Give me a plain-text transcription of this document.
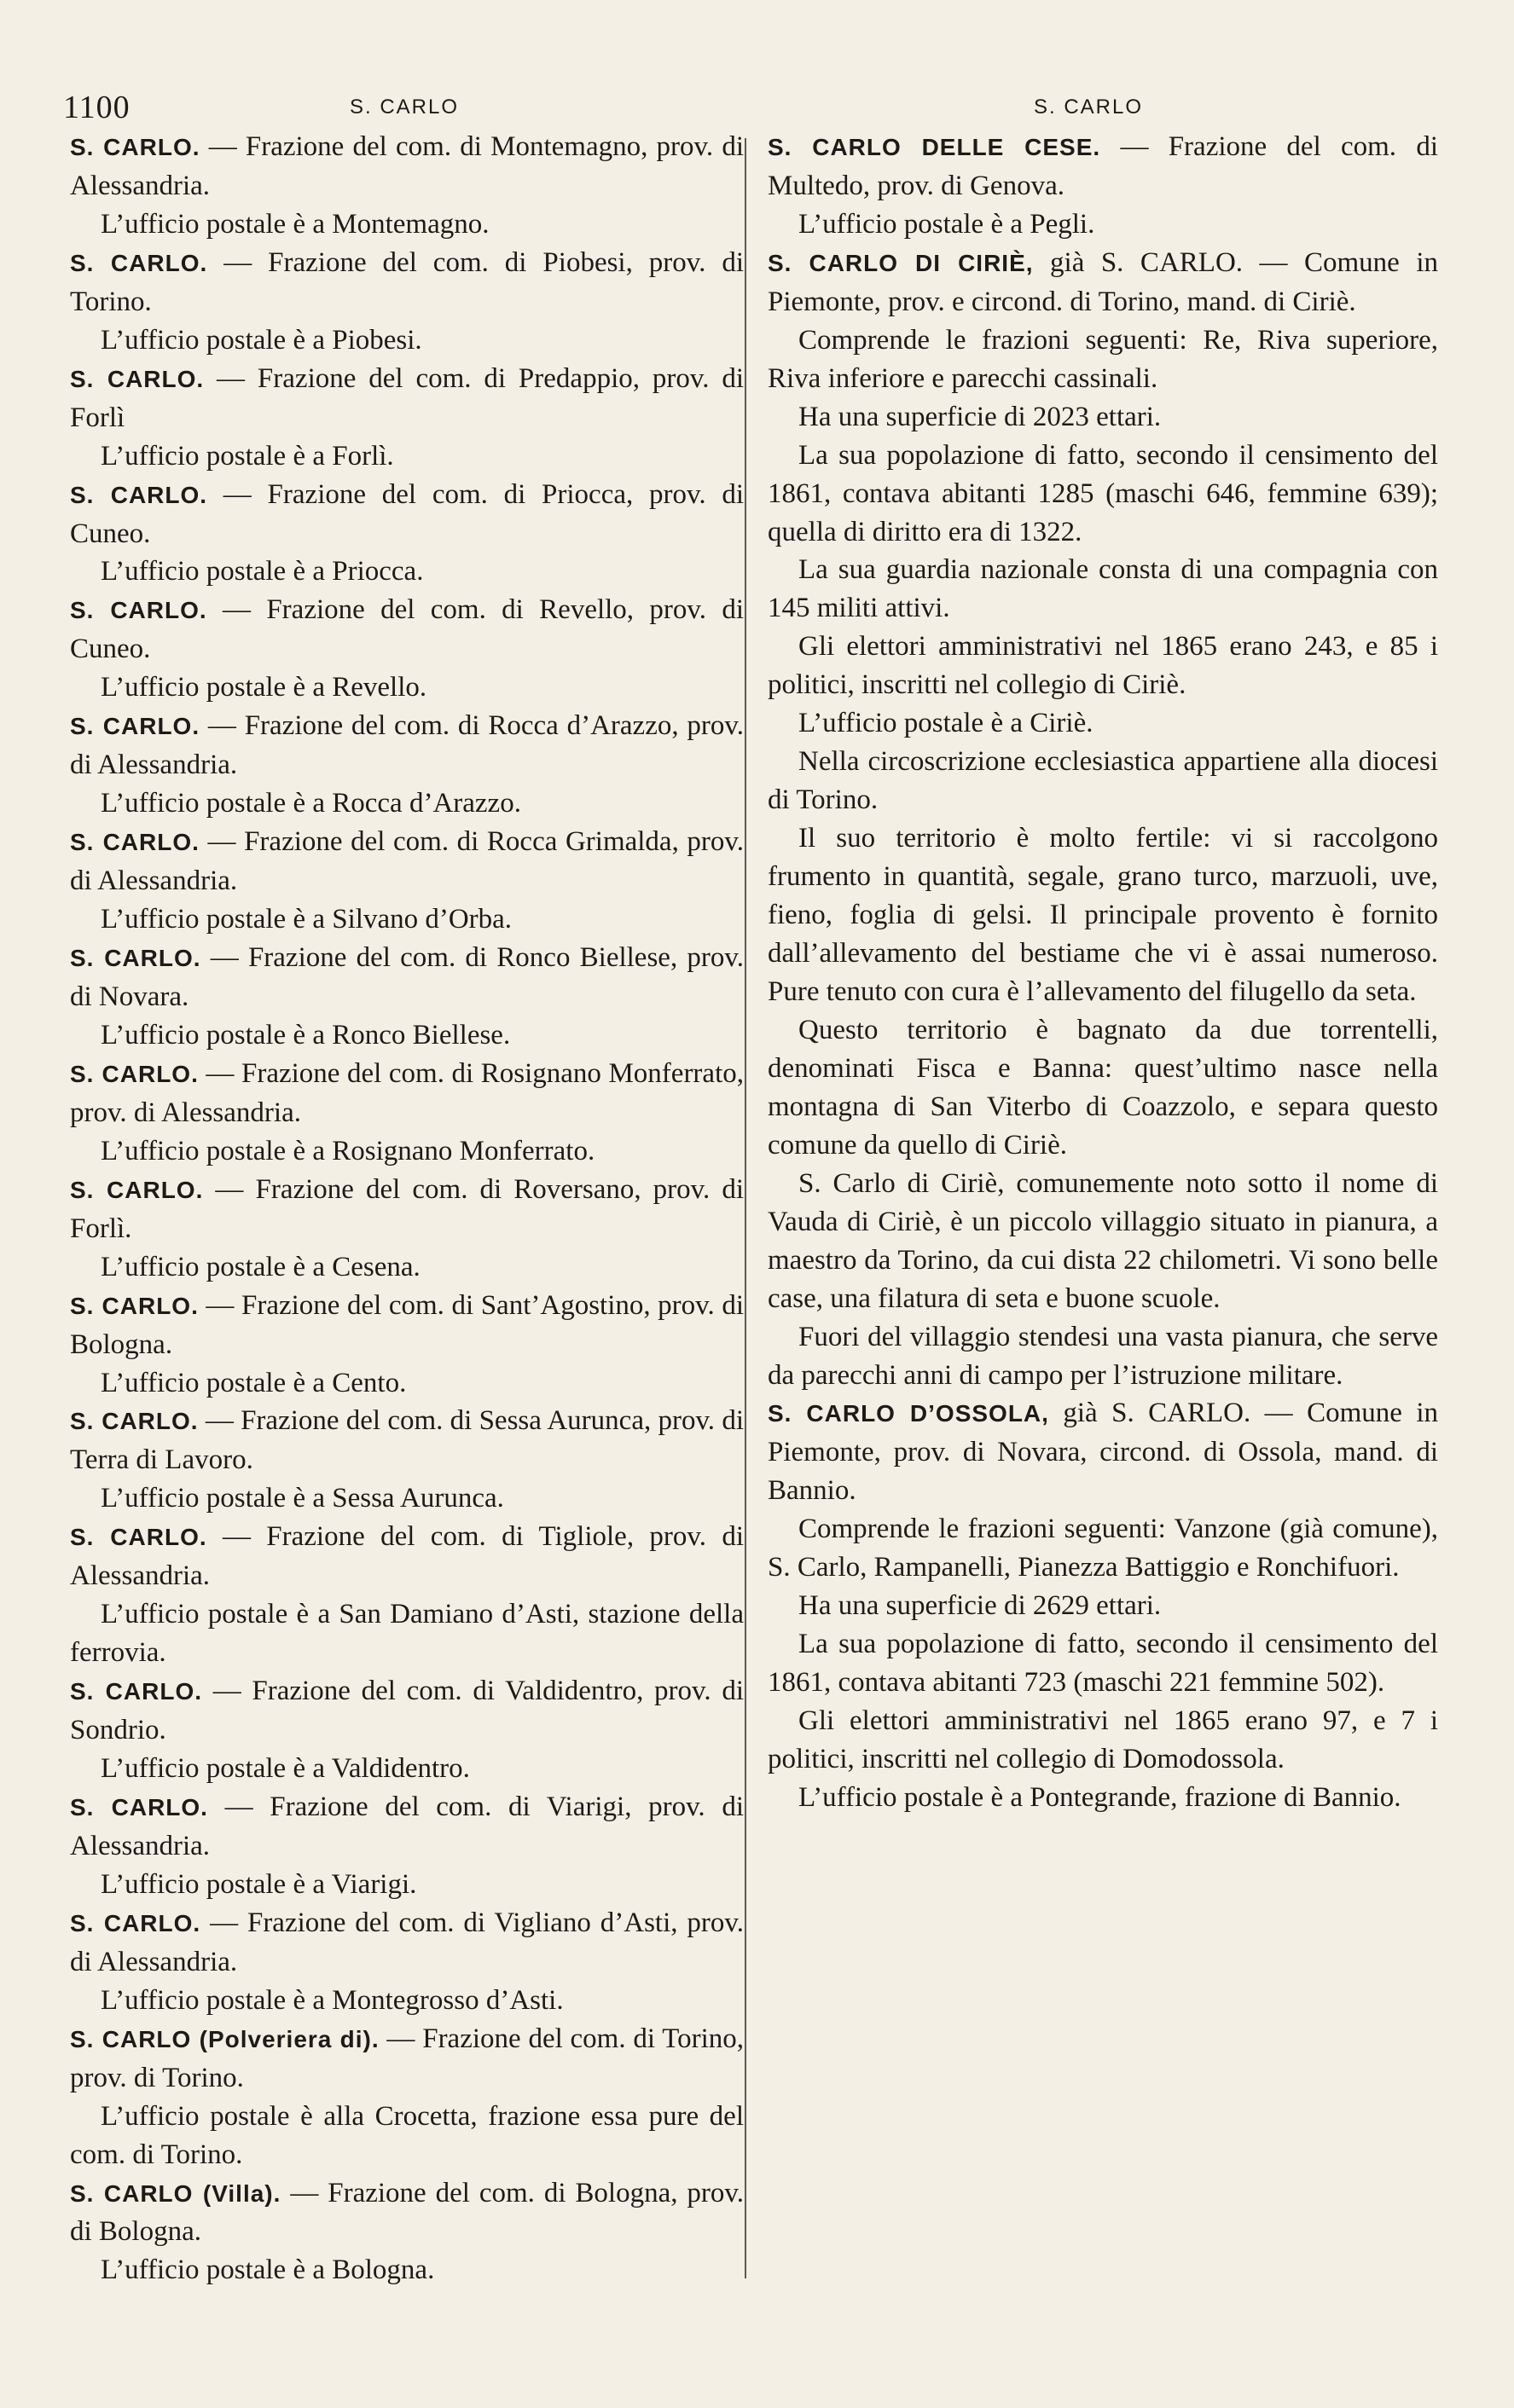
1100	S. CARLO	S. CARLO

S. CARLO. — Frazione del com. di Montemagno, prov. di Alessandria.

L’ufficio postale è a Montemagno.

S. CARLO. — Frazione del com. di Piobesi, prov. di Torino.

L’ufficio postale è a Piobesi.

S. CARLO. — Frazione del com. di Predappio, prov. di Forlì

L’ufficio postale è a Forlì.

S. CARLO. — Frazione del com. di Priocca, prov. di Cuneo.

L’ufficio postale è a Priocca.

S. CARLO. — Frazione del com. di Revello, prov. di Cuneo.

L’ufficio postale è a Revello.

S. CARLO. — Frazione del com. di Rocca d’Arazzo, prov. di Alessandria.

L’ufficio postale è a Rocca d’Arazzo.

S. CARLO. — Frazione del com. di Rocca Grimalda, prov. di Alessandria.

L’ufficio postale è a Silvano d’Orba.

S. CARLO. — Frazione del com. di Ronco Biellese, prov. di Novara.

L’ufficio postale è a Ronco Biellese.

S. CARLO. — Frazione del com. di Rosignano Monferrato, prov. di Alessandria.

L’ufficio postale è a Rosignano Monferrato.

S. CARLO. — Frazione del com. di Roversano, prov. di Forlì.

L’ufficio postale è a Cesena.

S. CARLO. — Frazione del com. di Sant’Agostino, prov. di Bologna.

L’ufficio postale è a Cento.

S. CARLO. — Frazione del com. di Sessa Aurunca, prov. di Terra di Lavoro.

L’ufficio postale è a Sessa Aurunca.

S. CARLO. — Frazione del com. di Tigliole, prov. di Alessandria.

L’ufficio postale è a San Damiano d’Asti, stazione della ferrovia.

S. CARLO. — Frazione del com. di Valdidentro, prov. di Sondrio.

L’ufficio postale è a Valdidentro.

S. CARLO. — Frazione del com. di Viarigi, prov. di Alessandria.

L’ufficio postale è a Viarigi.

S. CARLO. — Frazione del com. di Vigliano d’Asti, prov. di Alessandria.

L’ufficio postale è a Montegrosso d’Asti.

S. CARLO (Polveriera di). — Frazione del com. di Torino, prov. di Torino.

L’ufficio postale è alla Crocetta, frazione essa pure del com. di Torino.

S. CARLO (Villa). — Frazione del com. di Bologna, prov. di Bologna.

L’ufficio postale è a Bologna.

S. CARLO DELLE CESE. — Frazione del com. di Multedo, prov. di Genova.

L’ufficio postale è a Pegli.

S. CARLO DI CIRIÈ, già S. CARLO. — Comune in Piemonte, prov. e circond. di Torino, mand. di Ciriè.

Comprende le frazioni seguenti: Re, Riva superiore, Riva inferiore e parecchi cassinali.

Ha una superficie di 2023 ettari.

La sua popolazione di fatto, secondo il censimento del 1861, contava abitanti 1285 (maschi 646, femmine 639); quella di diritto era di 1322.

La sua guardia nazionale consta di una compagnia con 145 militi attivi.

Gli elettori amministrativi nel 1865 erano 243, e 85 i politici, inscritti nel collegio di Ciriè.

L’ufficio postale è a Ciriè.

Nella circoscrizione ecclesiastica appartiene alla diocesi di Torino.

Il suo territorio è molto fertile: vi si raccolgono frumento in quantità, segale, grano turco, marzuoli, uve, fieno, foglia di gelsi. Il principale provento è fornito dall’allevamento del bestiame che vi è assai numeroso. Pure tenuto con cura è l’allevamento del filugello da seta.

Questo territorio è bagnato da due torrentelli, denominati Fisca e Banna: quest’ultimo nasce nella montagna di San Viterbo di Coazzolo, e separa questo comune da quello di Ciriè.

S. Carlo di Ciriè, comunemente noto sotto il nome di Vauda di Ciriè, è un piccolo villaggio situato in pianura, a maestro da Torino, da cui dista 22 chilometri. Vi sono belle case, una filatura di seta e buone scuole.

Fuori del villaggio stendesi una vasta pianura, che serve da parecchi anni di campo per l’istruzione militare.

S. CARLO D’OSSOLA, già S. CARLO. — Comune in Piemonte, prov. di Novara, circond. di Ossola, mand. di Bannio.

Comprende le frazioni seguenti: Vanzone (già comune), S. Carlo, Rampanelli, Pianezza Battiggio e Ronchifuori.

Ha una superficie di 2629 ettari.

La sua popolazione di fatto, secondo il censimento del 1861, contava abitanti 723 (maschi 221 femmine 502).

Gli elettori amministrativi nel 1865 erano 97, e 7 i politici, inscritti nel collegio di Domodossola.

L’ufficio postale è a Pontegrande, frazione di Bannio.
